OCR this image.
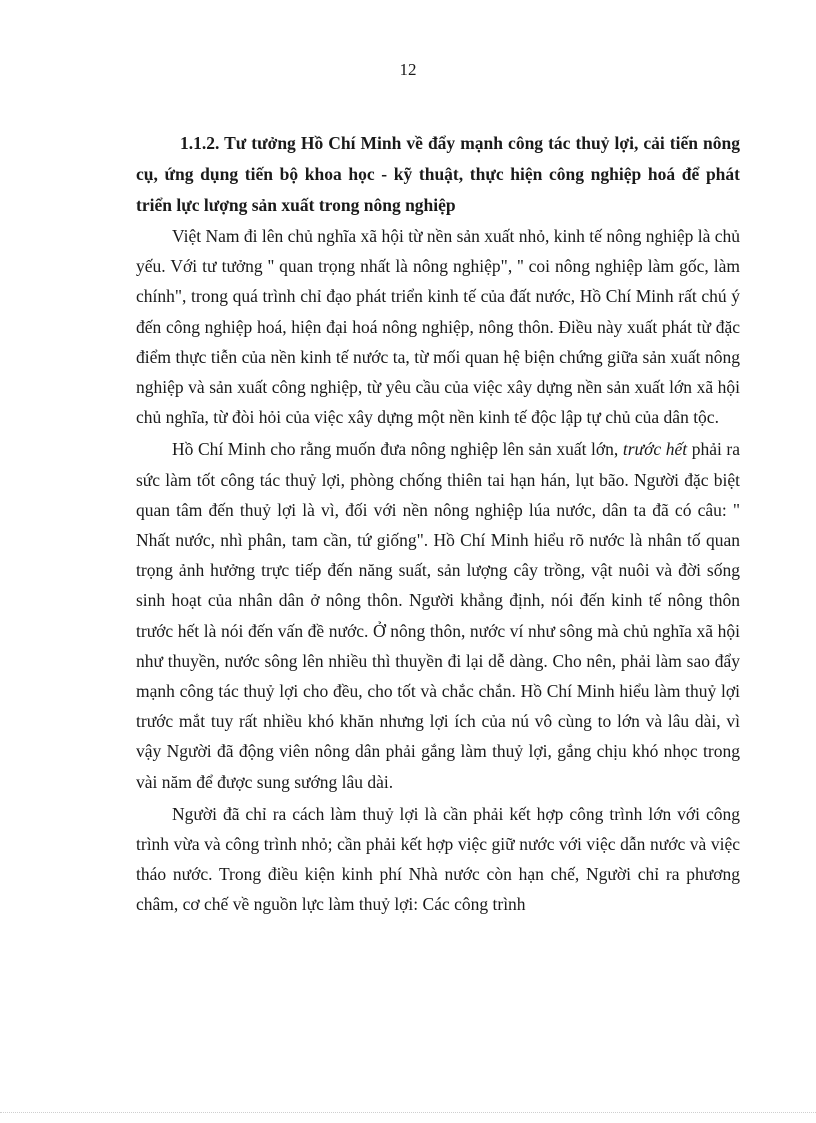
12

1.1.2. Tư tưởng Hồ Chí Minh về đẩy mạnh công tác thuỷ lợi, cải tiến nông cụ, ứng dụng tiến bộ khoa học - kỹ thuật, thực hiện công nghiệp hoá để phát triển lực lượng sản xuất trong nông nghiệp

Việt Nam đi lên chủ nghĩa xã hội từ nền sản xuất nhỏ, kinh tế nông nghiệp là chủ yếu. Với tư tưởng '' quan trọng nhất là nông nghiệp", '' coi nông nghiệp làm gốc, làm chính", trong quá trình chỉ đạo phát triển kinh tế của đất nước, Hồ Chí Minh rất chú ý đến công nghiệp hoá, hiện đại hoá nông nghiệp, nông thôn. Điều này xuất phát từ đặc điểm thực tiễn của nền kinh tế nước ta, từ mối quan hệ biện chứng giữa sản xuất nông nghiệp và sản xuất công nghiệp, từ yêu cầu của việc xây dựng nền sản xuất lớn xã hội chủ nghĩa, từ đòi hỏi của việc xây dựng một nền kinh tế độc lập tự chủ của dân tộc.

Hồ Chí Minh cho rằng muốn đưa nông nghiệp lên sản xuất lớn, trước hết phải ra sức làm tốt công tác thuỷ lợi, phòng chống thiên tai hạn hán, lụt bão. Người đặc biệt quan tâm đến thuỷ lợi là vì, đối với nền nông nghiệp lúa nước, dân ta đã có câu: " Nhất nước, nhì phân, tam cần, tứ giống". Hồ Chí Minh hiểu rõ nước là nhân tố quan trọng ảnh hưởng trực tiếp đến năng suất, sản lượng cây trồng, vật nuôi và đời sống sinh hoạt của nhân dân ở nông thôn. Người khẳng định, nói đến kinh tế nông thôn trước hết là nói đến vấn đề nước. Ở nông thôn, nước ví như sông mà chủ nghĩa xã hội như thuyền, nước sông lên nhiều thì thuyền đi lại dễ dàng. Cho nên, phải làm sao đẩy mạnh công tác thuỷ lợi cho đều, cho tốt và chắc chắn. Hồ Chí Minh hiểu làm thuỷ lợi trước mắt tuy rất nhiều khó khăn nhưng lợi ích của nú vô cùng to lớn và lâu dài, vì vậy Người đã động viên nông dân phải gắng làm thuỷ lợi, gắng chịu khó nhọc trong vài năm để được sung sướng lâu dài.

Người đã chỉ ra cách làm thuỷ lợi là cần phải kết hợp công trình lớn với công trình vừa và công trình nhỏ; cần phải kết hợp việc giữ nước với việc dẫn nước và việc tháo nước. Trong điều kiện kinh phí Nhà nước còn hạn chế, Người chỉ ra phương châm, cơ chế về nguồn lực làm thuỷ lợi: Các công trình
